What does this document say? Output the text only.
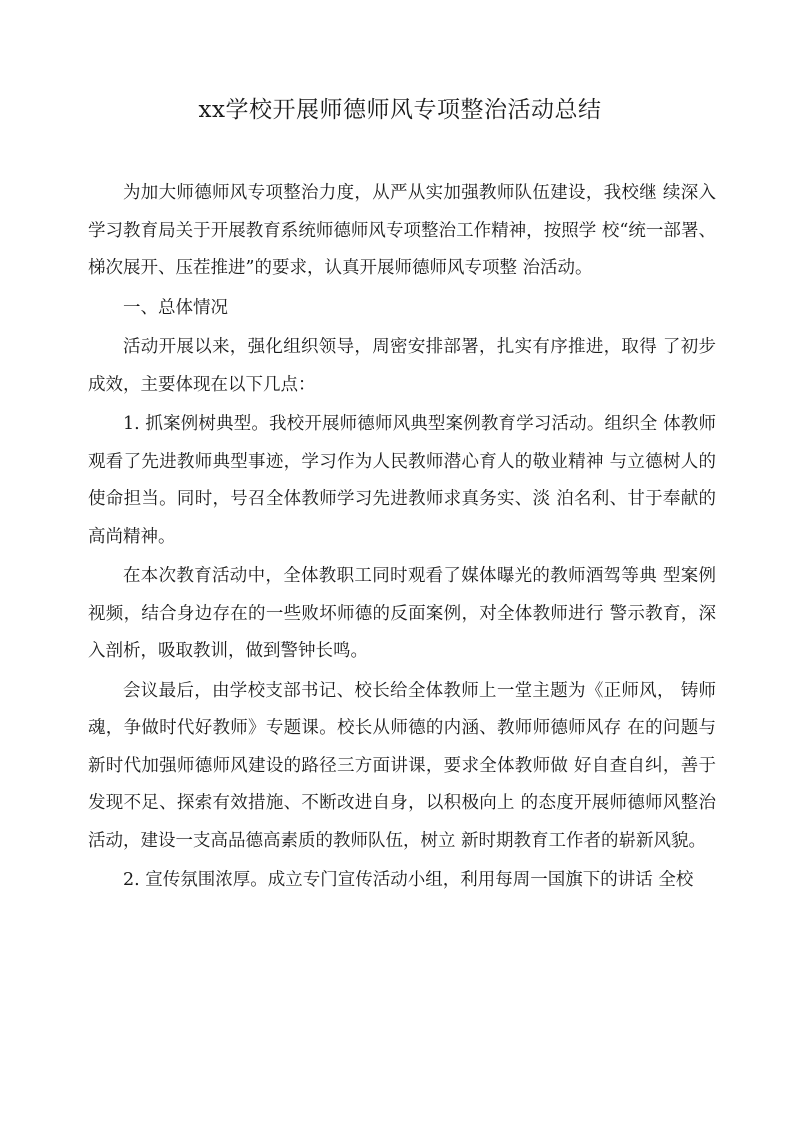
xx学校开展师德师风专项整治活动总结

为加大师德师风专项整治力度，从严从实加强教师队伍建设，我校继 续深入学习教育局关于开展教育系统师德师风专项整治工作精神，按照学 校“统一部署、梯次展开、压茬推进”的要求，认真开展师德师风专项整 治活动。

一、总体情况

活动开展以来，强化组织领导，周密安排部署，扎实有序推进，取得 了初步成效，主要体现在以下几点：

1. 抓案例树典型。我校开展师德师风典型案例教育学习活动。组织全 体教师观看了先进教师典型事迹，学习作为人民教师潜心育人的敬业精神 与立德树人的使命担当。同时，号召全体教师学习先进教师求真务实、淡 泊名利、甘于奉献的高尚精神。

在本次教育活动中，全体教职工同时观看了媒体曝光的教师酒驾等典 型案例视频，结合身边存在的一些败坏师德的反面案例，对全体教师进行 警示教育，深入剖析，吸取教训，做到警钟长鸣。

会议最后，由学校支部书记、校长给全体教师上一堂主题为《正师风， 铸师魂，争做时代好教师》专题课。校长从师德的内涵、教师师德师风存 在的问题与新时代加强师德师风建设的路径三方面讲课，要求全体教师做 好自查自纠，善于发现不足、探索有效措施、不断改进自身，以积极向上 的态度开展师德师风整治活动，建设一支高品德高素质的教师队伍，树立 新时期教育工作者的崭新风貌。

2. 宣传氛围浓厚。成立专门宣传活动小组，利用每周一国旗下的讲话 全校
